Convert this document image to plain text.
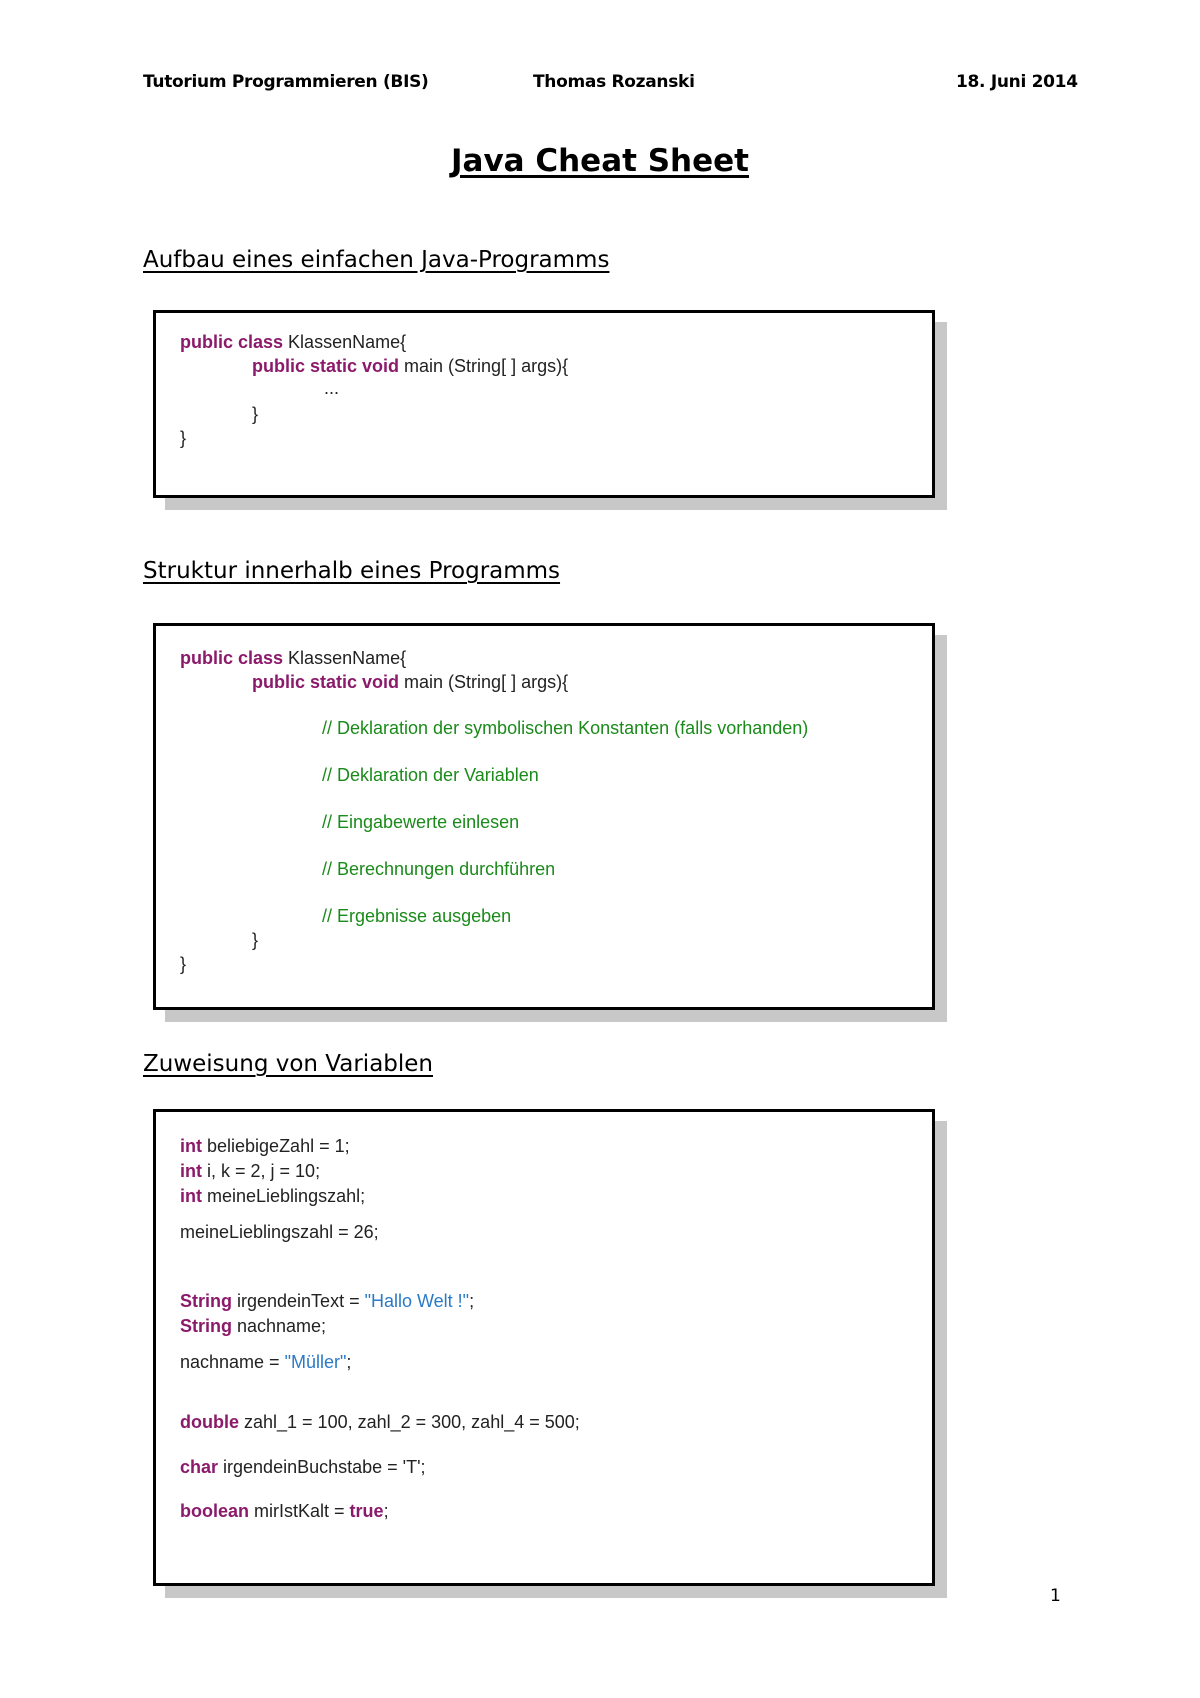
Tutorium Programmieren (BIS)	Thomas Rozanski	18. Juni 2014
Java Cheat Sheet
Aufbau eines einfachen Java-Programms
public class KlassenName{
public static void main (String[ ] args){
...
}
}
Struktur innerhalb eines Programms
public class KlassenName{
public static void main (String[ ] args){
// Deklaration der symbolischen Konstanten (falls vorhanden)
// Deklaration der Variablen
// Eingabewerte einlesen
// Berechnungen durchführen
// Ergebnisse ausgeben
}
}
Zuweisung von Variablen
int beliebigeZahl = 1;
int i, k = 2, j = 10;
int meineLieblingszahl;
meineLieblingszahl = 26;
String irgendeinText = "Hallo Welt !";
String nachname;
nachname = "Müller";
double zahl_1 = 100, zahl_2 = 300, zahl_4 = 500;
char irgendeinBuchstabe = 'T';
boolean mirIstKalt = true;
1
